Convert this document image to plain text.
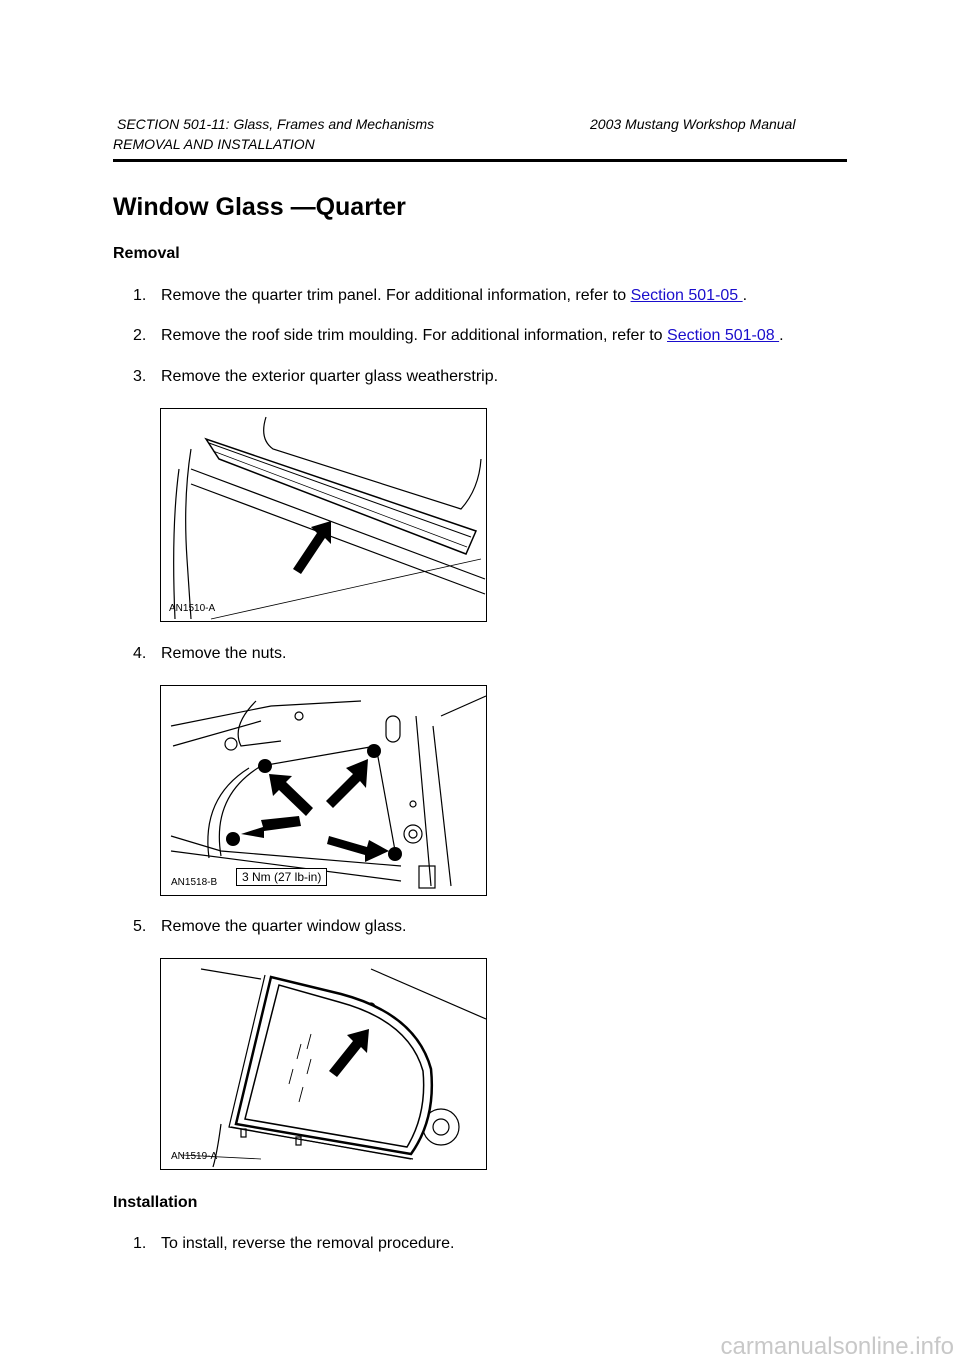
SECTION 501-11: Glass, Frames and Mechanisms	2003 Mustang Workshop Manual
REMOVAL AND INSTALLATION
Window Glass —Quarter
Removal
1. Remove the quarter trim panel. For additional information, refer to Section 501-05 .
2. Remove the roof side trim moulding. For additional information, refer to Section 501-08 .
3. Remove the exterior quarter glass weatherstrip.
AN1510-A
4. Remove the nuts.
AN1518-B	3 Nm (27 lb-in)
5. Remove the quarter window glass.
AN1519-A
Installation
1. To install, reverse the removal procedure.
carmanualsonline.info
